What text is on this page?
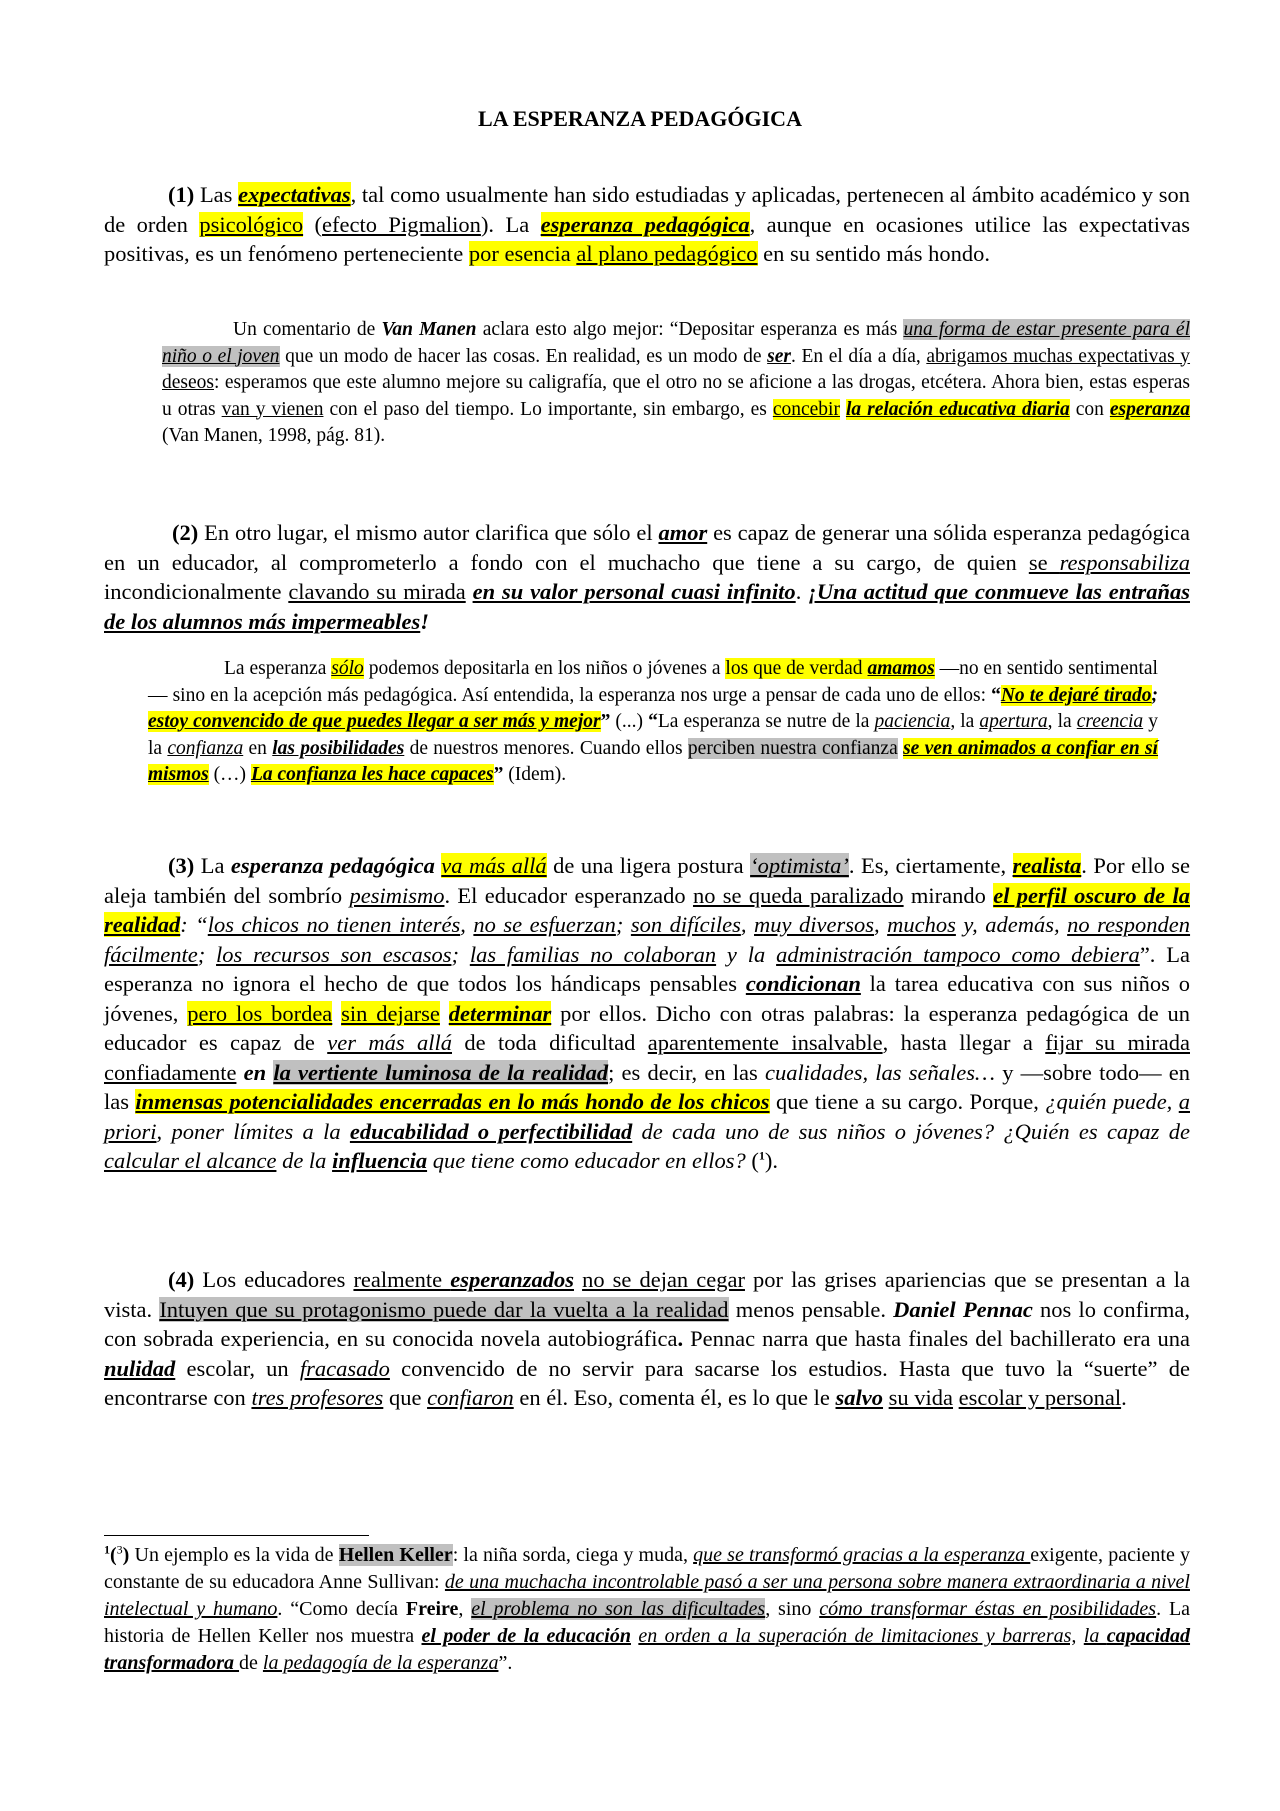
LA ESPERANZA PEDAGÓGICA

(1) Las expectativas, tal como usualmente han sido estudiadas y aplicadas, pertenecen al ámbito académico y son de orden psicológico (efecto Pigmalion). La esperanza pedagógica, aunque en ocasiones utilice las expectativas positivas, es un fenómeno perteneciente por esencia al plano pedagógico en su sentido más hondo.

Un comentario de Van Manen aclara esto algo mejor: “Depositar esperanza es más una forma de estar presente para él niño o el joven que un modo de hacer las cosas. En realidad, es un modo de ser. En el día a día, abrigamos muchas expectativas y deseos: esperamos que este alumno mejore su caligrafía, que el otro no se aficione a las drogas, etcétera. Ahora bien, estas esperas u otras van y vienen con el paso del tiempo. Lo importante, sin embargo, es concebir la relación educativa diaria con esperanza (Van Manen, 1998, pág. 81).

(2) En otro lugar, el mismo autor clarifica que sólo el amor es capaz de generar una sólida esperanza pedagógica en un educador, al comprometerlo a fondo con el muchacho que tiene a su cargo, de quien se responsabiliza incondicionalmente clavando su mirada en su valor personal cuasi infinito. ¡Una actitud que conmueve las entrañas de los alumnos más impermeables!

La esperanza sólo podemos depositarla en los niños o jóvenes a los que de verdad amamos —no en sentido sentimental— sino en la acepción más pedagógica. Así entendida, la esperanza nos urge a pensar de cada uno de ellos: “No te dejaré tirado; estoy convencido de que puedes llegar a ser más y mejor” (...) “La esperanza se nutre de la paciencia, la apertura, la creencia y la confianza en las posibilidades de nuestros menores. Cuando ellos perciben nuestra confianza se ven animados a confiar en sí mismos (…) La confianza les hace capaces” (Idem).

(3) La esperanza pedagógica va más allá de una ligera postura ‘optimista’. Es, ciertamente, realista. Por ello se aleja también del sombrío pesimismo. El educador esperanzado no se queda paralizado mirando el perfil oscuro de la realidad: “los chicos no tienen interés, no se esfuerzan; son difíciles, muy diversos, muchos y, además, no responden fácilmente; los recursos son escasos; las familias no colaboran y la administración tampoco como debiera”. La esperanza no ignora el hecho de que todos los hándicaps pensables condicionan la tarea educativa con sus niños o jóvenes, pero los bordea sin dejarse determinar por ellos. Dicho con otras palabras: la esperanza pedagógica de un educador es capaz de ver más allá de toda dificultad aparentemente insalvable, hasta llegar a fijar su mirada confiadamente en la vertiente luminosa de la realidad; es decir, en las cualidades, las señales… y —sobre todo— en las inmensas potencialidades encerradas en lo más hondo de los chicos que tiene a su cargo. Porque, ¿quién puede, a priori, poner límites a la educabilidad o perfectibilidad de cada uno de sus niños o jóvenes? ¿Quién es capaz de calcular el alcance de la influencia que tiene como educador en ellos? ($^1$).

(4) Los educadores realmente esperanzados no se dejan cegar por las grises apariencias que se presentan a la vista. Intuyen que su protagonismo puede dar la vuelta a la realidad menos pensable. Daniel Pennac nos lo confirma, con sobrada experiencia, en su conocida novela autobiográfica. Pennac narra que hasta finales del bachillerato era una nulidad escolar, un fracasado convencido de no servir para sacarse los estudios. Hasta que tuvo la “suerte” de encontrarse con tres profesores que confiaron en él. Eso, comenta él, es lo que le salvo su vida escolar y personal.

$^1$($^3$) Un ejemplo es la vida de Hellen Keller: la niña sorda, ciega y muda, que se transformó gracias a la esperanza exigente, paciente y constante de su educadora Anne Sullivan: de una muchacha incontrolable pasó a ser una persona sobre manera extraordinaria a nivel intelectual y humano. “Como decía Freire, el problema no son las dificultades, sino cómo transformar éstas en posibilidades. La historia de Hellen Keller nos muestra el poder de la educación en orden a la superación de limitaciones y barreras, la capacidad transformadora de la pedagogía de la esperanza”.
